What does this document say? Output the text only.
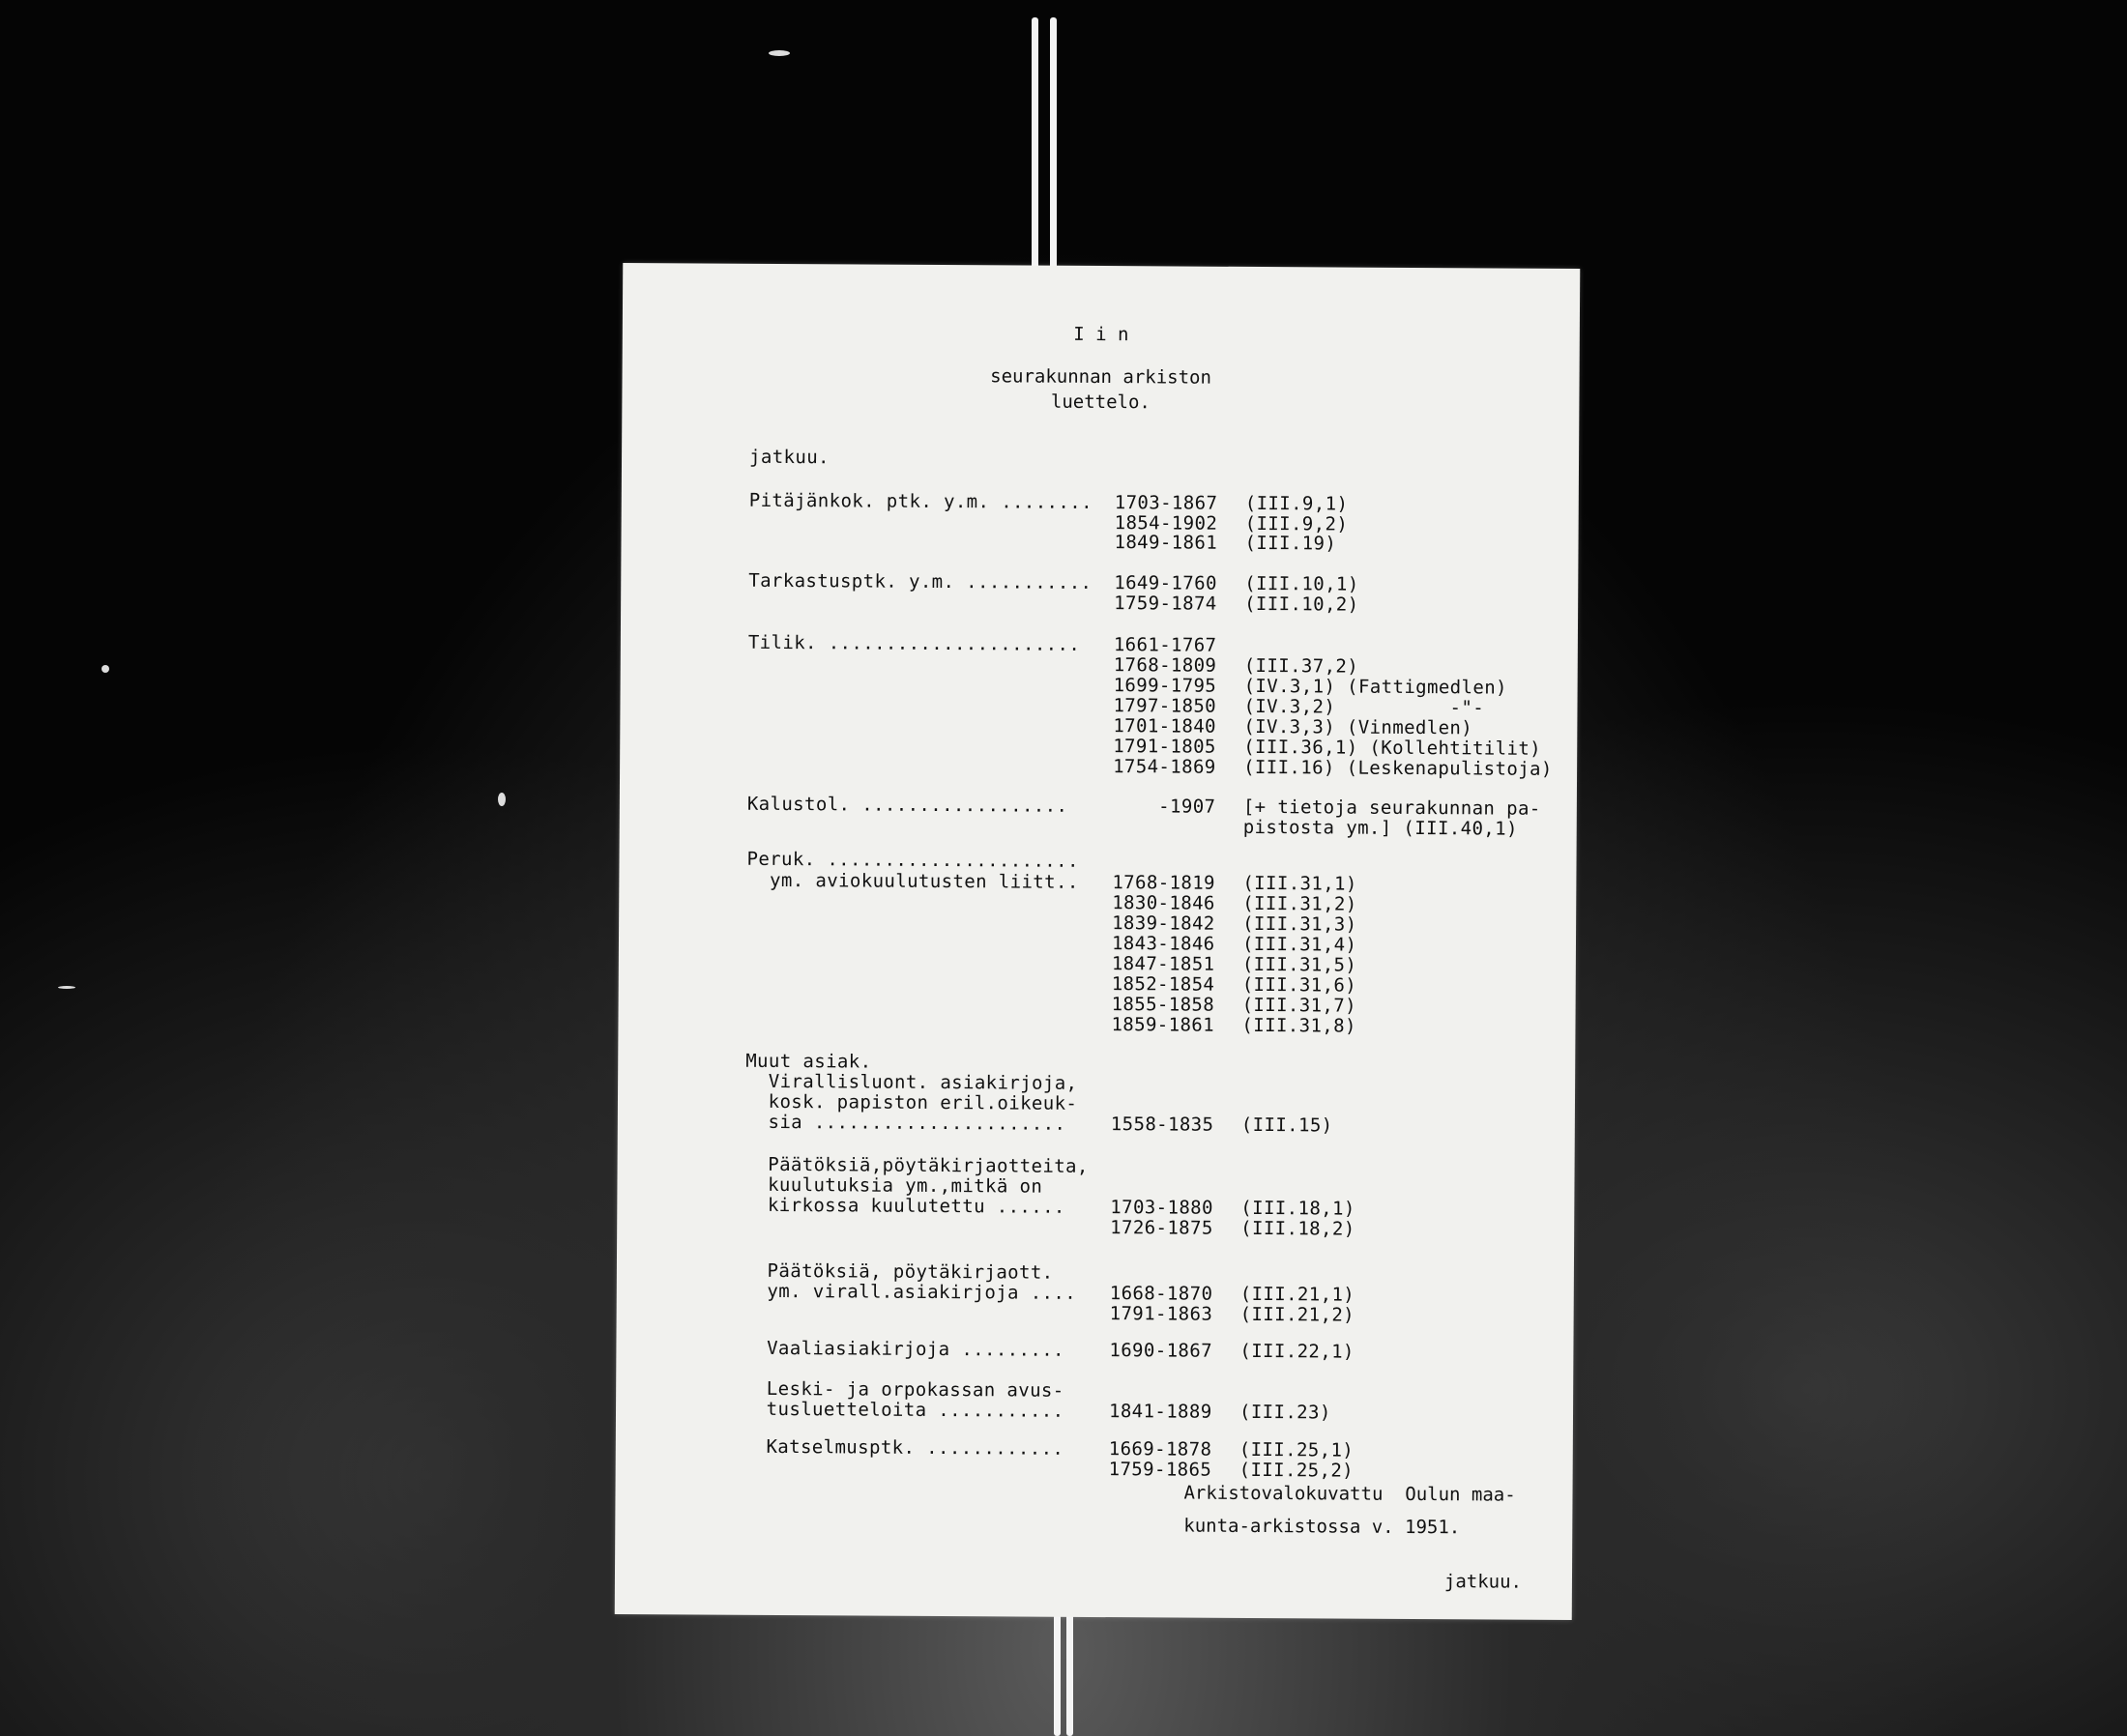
I i n
seurakunnan arkiston
luettelo.
jatkuu.
Pitäjänkok. ptk. y.m. ........ 1703-1867 (III.9,1)
1854-1902 (III.9,2)
1849-1861 (III.19)
Tarkastusptk. y.m. ........... 1649-1760 (III.10,1)
1759-1874 (III.10,2)
Tilik. ...................... 1661-1767
1768-1809 (III.37,2)
1699-1795 (IV.3,1) (Fattigmedlen)
1797-1850 (IV.3,2)          -"-
1701-1840 (IV.3,3) (Vinmedlen)
1791-1805 (III.36,1) (Kollehtitilit)
1754-1869 (III.16) (Leskenapulistoja)
Kalustol. .................. -1907 [+ tietoja seurakunnan pa-
pistosta ym.] (III.40,1)
Peruk. ......................
ym. aviokuulutusten liitt.. 1768-1819 (III.31,1)
1830-1846 (III.31,2)
1839-1842 (III.31,3)
1843-1846 (III.31,4)
1847-1851 (III.31,5)
1852-1854 (III.31,6)
1855-1858 (III.31,7)
1859-1861 (III.31,8)
Muut asiak.
Virallisluont. asiakirjoja,
kosk. papiston eril.oikeuk-
sia ...................... 1558-1835 (III.15)
Päätöksiä,pöytäkirjaotteita,
kuulutuksia ym.,mitkä on
kirkossa kuulutettu ...... 1703-1880 (III.18,1)
1726-1875 (III.18,2)
Päätöksiä, pöytäkirjaott.
ym. virall.asiakirjoja .... 1668-1870 (III.21,1)
1791-1863 (III.21,2)
Vaaliasiakirjoja ......... 1690-1867 (III.22,1)
Leski- ja orpokassan avus-
tusluetteloita ........... 1841-1889 (III.23)
Katselmusptk. ............ 1669-1878 (III.25,1)
1759-1865 (III.25,2)
Arkistovalokuvattu  Oulun maa-
kunta-arkistossa v. 1951.
jatkuu.
